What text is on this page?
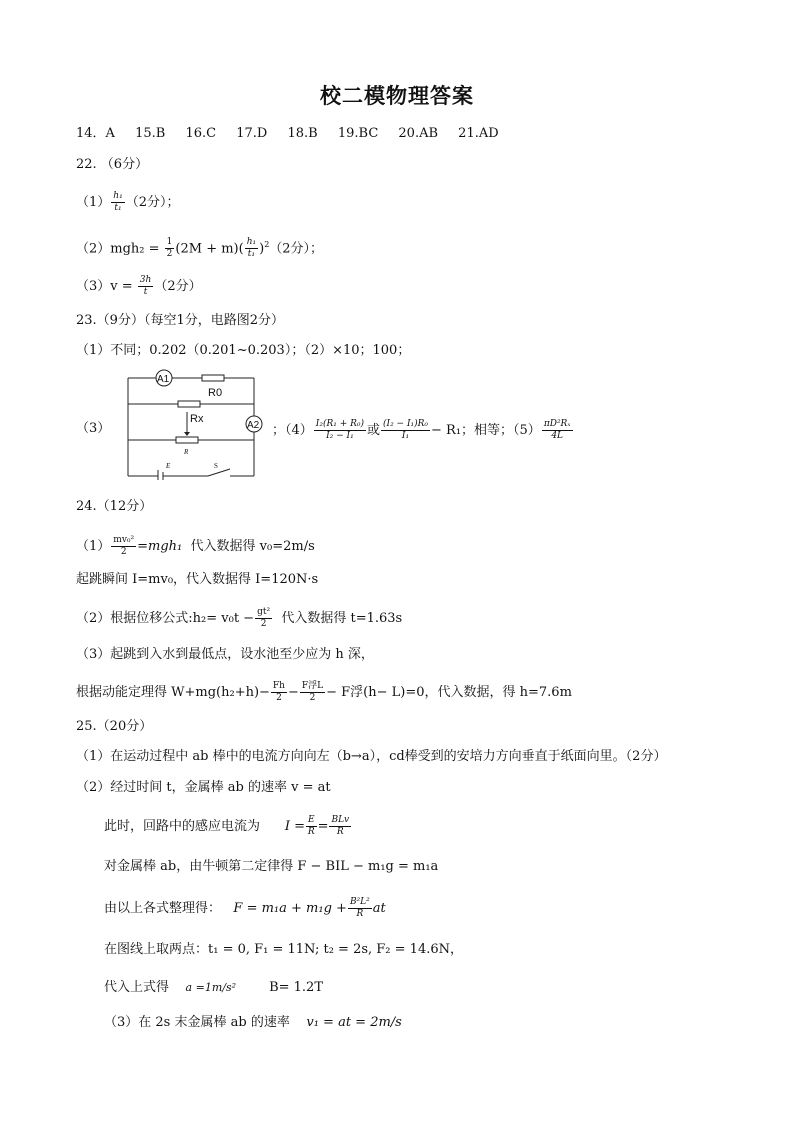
校二模物理答案
14．A 15.B 16.C 17.D 18.B 19.BC 20.AB 21.AD
22. （6分）
$(1) \frac{\text{h₁}}{\text{t₁}} (2$分）；
$(2)mgh_2 = \frac{1}{2} (2M + m)( \frac{\text{h₁}}{\text{t₁}} )^2(2$分）；
$(3)v = \frac{3h}{t} (2$分）
23.（9分）（每空1分，电路图2分）
（1）不同；0.202（0.201~0.203）；（2）×10；100；
（3）
A1
A2
R0
Rx
R
E	S
；$(4) \frac{\text{I₂(R₁ + R₀)}}{\text{I₂ − I₁}}$ 或 $\frac{\text{(I₂ − I₁)R₀}}{\text{I₁}} - R_1$；相等；$(5) \frac{\text{πD²Rₓ}}{4L}$
24.（12分）
$(1) \frac{\text{mv₀²}}{2} =mgh_1$ 代入数据得 v₀=2m/s
起跳瞬间 I=mv₀，代入数据得 I=120N·s
（2）根据位移公式:h₂= $v_0t - \frac{\text{gt²}}{2}$ 代入数据得 t=1.63s
（3）起跳到入水到最低点，设水池至少应为 h 深，
根据动能定理得 $W+mg(h_2+h)- \frac{Fh}{2} - \frac{\text{F浮L}}{2} - F$浮(h− L)=0，代入数据，得 h=7.6m
25.（20分）
（1）在运动过程中 ab 棒中的电流方向向左（b→a），cd棒受到的安培力方向垂直于纸面向里。（2分）
（2）经过时间 t，金属棒 ab 的速率 v = at
此时，回路中的感应电流为 $I = \frac{E}{R} = \frac{\text{BLv}}{R}$
对金属棒 ab，由牛顿第二定律得 F − BIL − m₁g = m₁a
由以上各式整理得： $F = m_1a + m_1g + \frac{\text{B²L²}}{R}$ at
在图线上取两点：t₁ = 0, F₁ = 11N; t₂ = 2s, F₂ = 14.6N，
代入上式得 a =1m/s²	B= 1.2T
（3）在 2s 末金属棒 ab 的速率 v₁ = at = 2m/s
